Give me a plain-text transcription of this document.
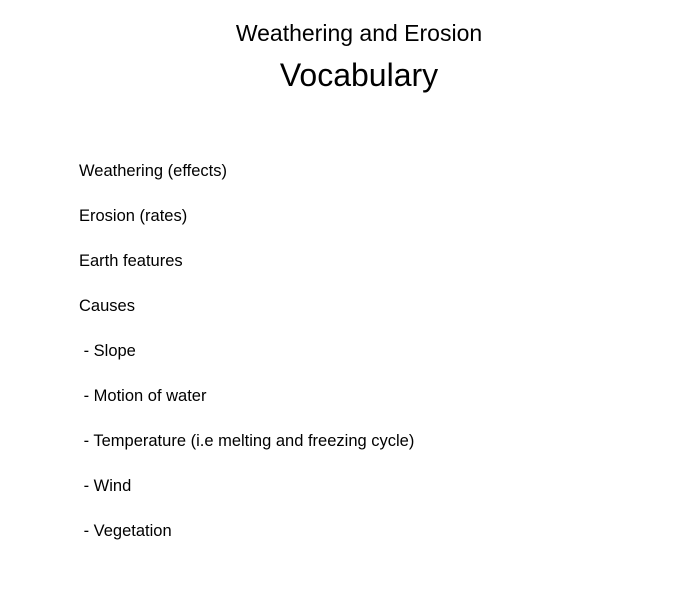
Weathering and Erosion
Vocabulary
Weathering (effects)
Erosion (rates)
Earth features
Causes
- Slope
- Motion of water
- Temperature (i.e melting and freezing cycle)
- Wind
- Vegetation
